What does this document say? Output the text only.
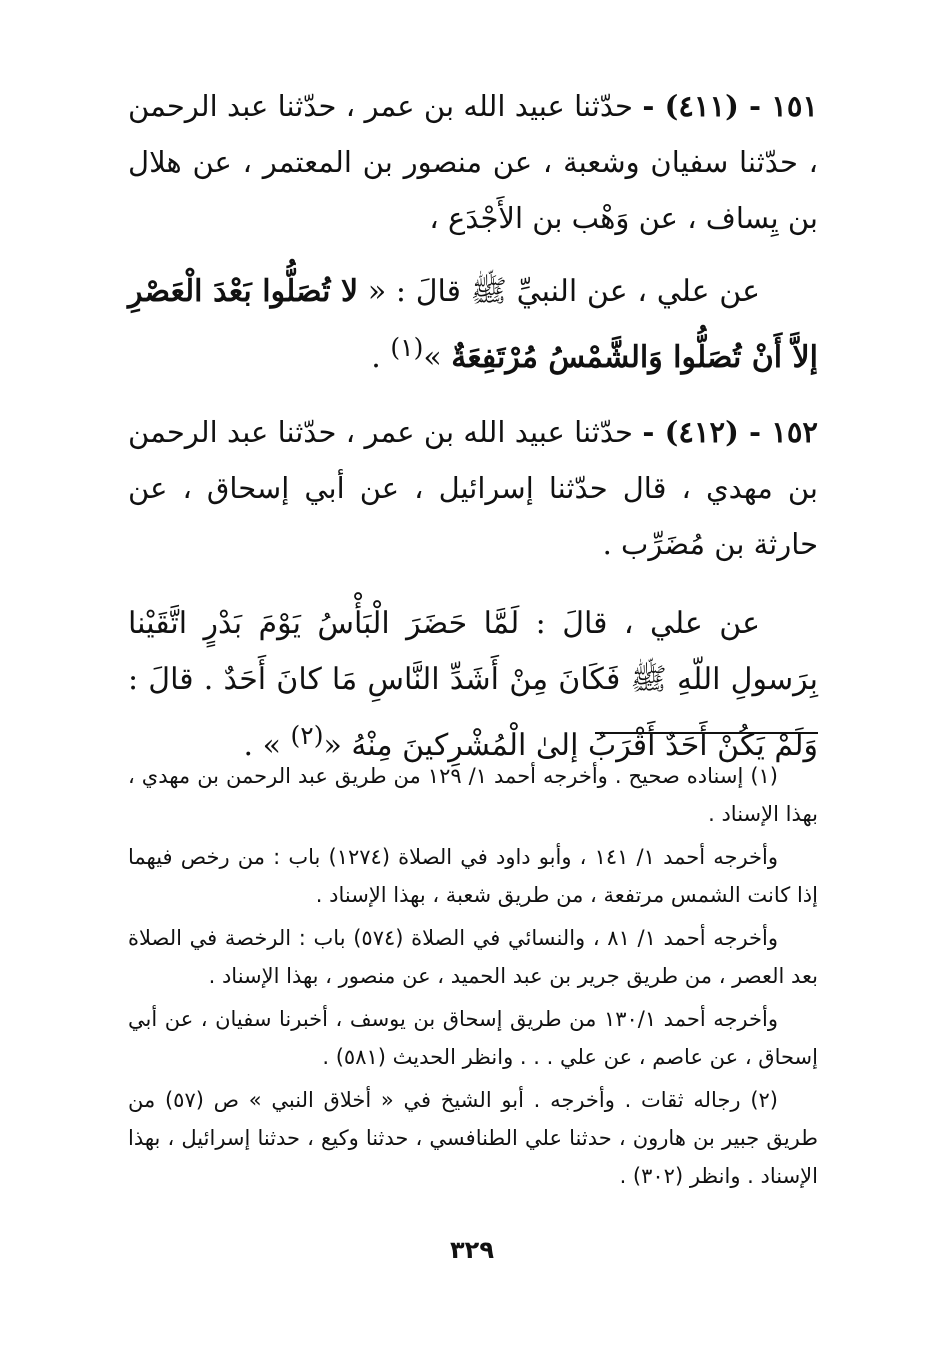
١٥١ - (٤١١) - حدّثنا عبيد الله بن عمر ، حدّثنا عبد الرحمن ، حدّثنا سفيان وشعبة ، عن منصور بن المعتمر ، عن هلال بن يِساف ، عن وَهْب بن الأَجْدَع ،

عن علي ، عن النبيِّ ﷺ قالَ : « لا تُصَلُّوا بَعْدَ الْعَصْرِ إلاَّ أَنْ تُصَلُّوا وَالشَّمْسُ مُرْتَفِعَةٌ »$^{(١)}$ .

١٥٢ - (٤١٢) - حدّثنا عبيد الله بن عمر ، حدّثنا عبد الرحمن بن مهدي ، قال حدّثنا إسرائيل ، عن أبي إسحاق ، عن حارثة بن مُضَرِّب .

عن علي ، قالَ : لَمَّا حَضَرَ الْبَأْسُ يَوْمَ بَدْرٍ اتَّقَيْنا بِرَسولِ اللّهِ ﷺ فَكَانَ مِنْ أَشَدِّ النَّاسِ مَا كانَ أَحَدٌ . قالَ : وَلَمْ يَكُنْ أَحَدٌ أَقْرَبُ إلىٰ الْمُشْرِكينَ مِنْهُ «$^{(٢)}$ » .

(١) إسناده صحيح . وأخرجه أحمد ١/ ١٢٩ من طريق عبد الرحمن بن مهدي ، بهذا الإسناد .

وأخرجه أحمد ١/ ١٤١ ، وأبو داود في الصلاة (١٢٧٤) باب : من رخص فيهما إذا كانت الشمس مرتفعة ، من طريق شعبة ، بهذا الإسناد .

وأخرجه أحمد ١/ ٨١ ، والنسائي في الصلاة (٥٧٤) باب : الرخصة في الصلاة بعد العصر ، من طريق جرير بن عبد الحميد ، عن منصور ، بهذا الإسناد .

وأخرجه أحمد ١٣٠/١ من طريق إسحاق بن يوسف ، أخبرنا سفيان ، عن أبي إسحاق ، عن عاصم ، عن علي . . . وانظر الحديث (٥٨١) .

(٢) رجاله ثقات . وأخرجه . أبو الشيخ في « أخلاق النبي » ص (٥٧) من طريق جبير بن هارون ، حدثنا علي الطنافسي ، حدثنا وكيع ، حدثنا إسرائيل ، بهذا الإسناد . وانظر (٣٠٢) .

٣٢٩
